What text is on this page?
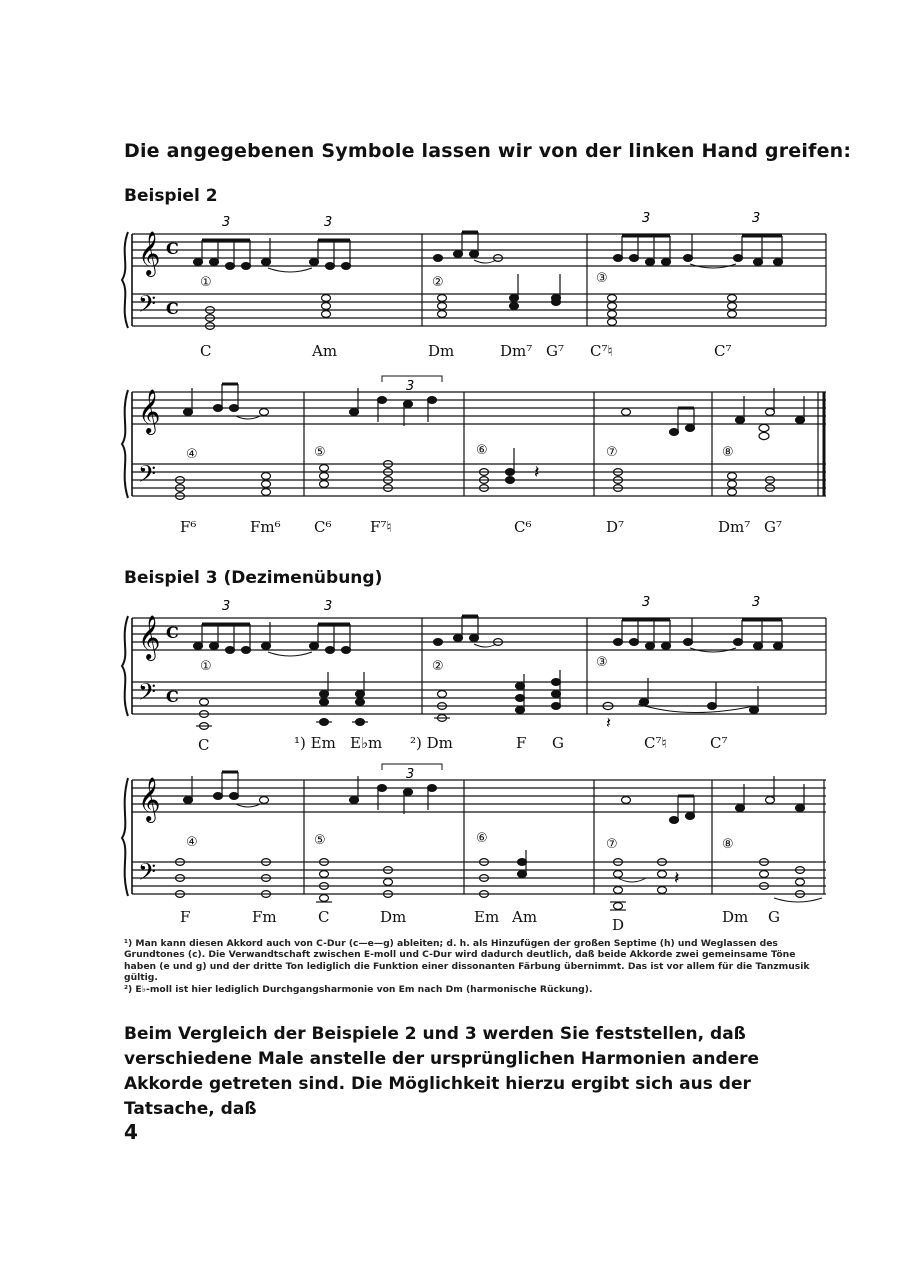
Die angegebenen Symbole lassen wir von der linken Hand greifen:
Beispiel 2
𝄞
𝄢
C
C
3	3	3	3
①	②	③
C	Am	Dm	Dm⁷ G⁷ C⁷♮	C⁷
𝄞
𝄢	𝄽
3
④	⑤	⑥	⑦	⑧
F⁶	Fm⁶ C⁶	F⁷♮	C⁶	D⁷	Dm⁷ G⁷
Beispiel 3 (Dezimenübung)
𝄞
𝄢
C
C
𝄽
3	3	3	3
①	②	③
C	¹) Em E♭m ²) Dm	F G	C⁷♮	C⁷
𝄞
𝄢	𝄽
3
④	⑤	⑥	⑦	⑧
F	Fm	C	Dm	Em Am	D	Dm G

¹) Man kann diesen Akkord auch von C-Dur (c—e—g) ableiten; d. h. als Hinzufügen der großen Septime (h) und Weglassen des Grundtones (c). Die Verwandtschaft zwischen E-moll und C-Dur wird dadurch deutlich, daß beide Akkorde zwei gemeinsame Töne haben (e und g) und der dritte Ton lediglich die Funktion einer dissonanten Färbung übernimmt. Das ist vor allem für die Tanzmusik gültig.

²) E♭-moll ist hier lediglich Durchgangsharmonie von Em nach Dm (harmonische Rückung).

Beim Vergleich der Beispiele 2 und 3 werden Sie feststellen, daß verschiedene Male anstelle der ursprünglichen Harmonien andere Akkorde getreten sind. Die Möglichkeit hierzu ergibt sich aus der Tatsache, daß

4
